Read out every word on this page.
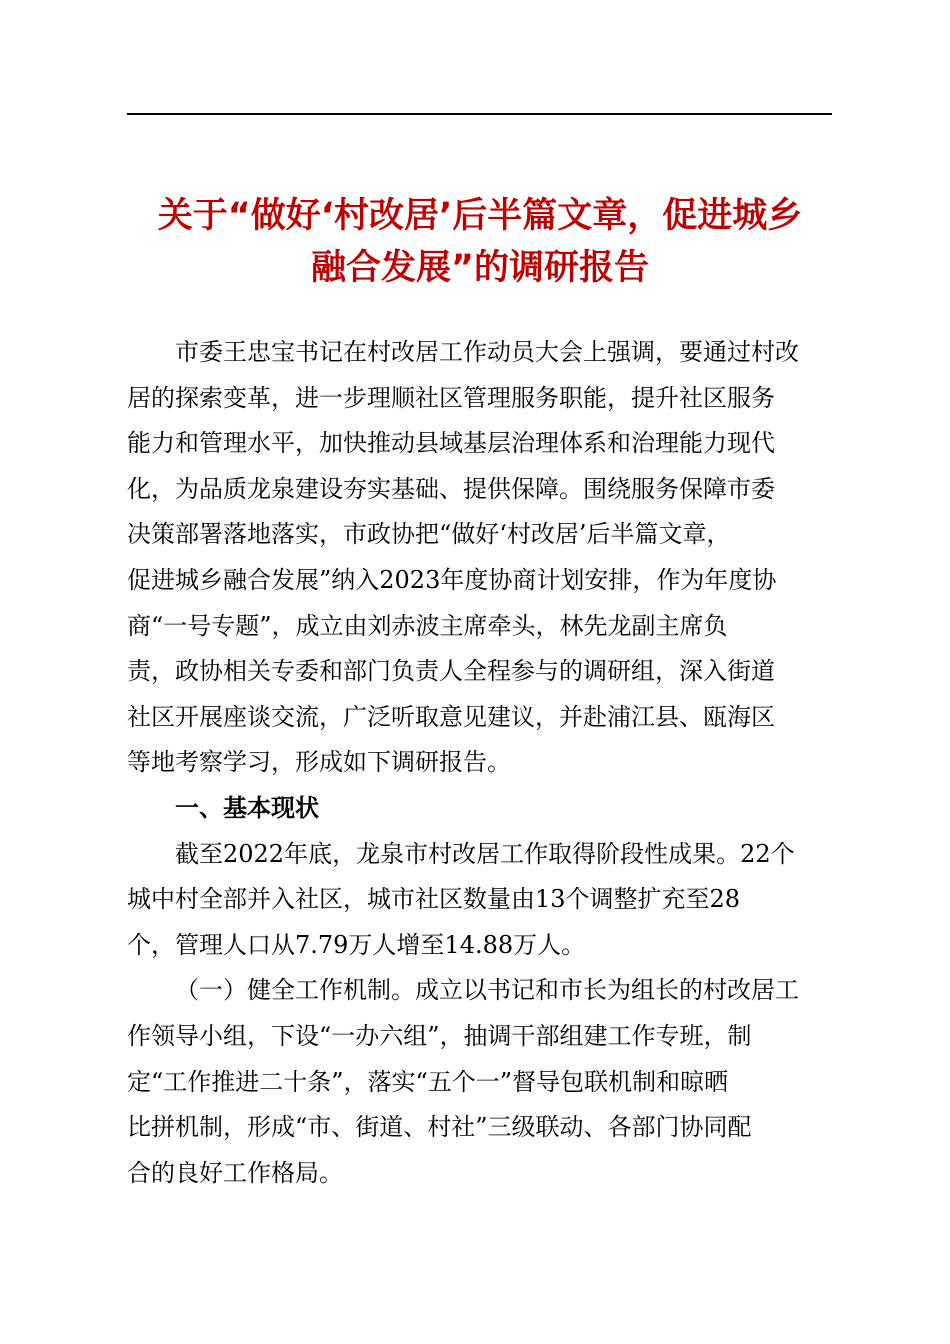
关于“做好‘村改居’后半篇文章，促进城乡
融合发展”的调研报告

市委王忠宝书记在村改居工作动员大会上强调，要通过村改
居的探索变革，进一步理顺社区管理服务职能，提升社区服务
能力和管理水平，加快推动县域基层治理体系和治理能力现代
化，为品质龙泉建设夯实基础、提供保障。围绕服务保障市委
决策部署落地落实，市政协把“做好‘村改居’后半篇文章，
促进城乡融合发展”纳入2023年度协商计划安排，作为年度协
商“一号专题”，成立由刘赤波主席牵头，林先龙副主席负
责，政协相关专委和部门负责人全程参与的调研组，深入街道
社区开展座谈交流，广泛听取意见建议，并赴浦江县、瓯海区
等地考察学习，形成如下调研报告。

一、基本现状

截至2022年底，龙泉市村改居工作取得阶段性成果。22个
城中村全部并入社区，城市社区数量由13个调整扩充至28
个，管理人口从7.79万人增至14.88万人。

（一）健全工作机制。成立以书记和市长为组长的村改居工
作领导小组，下设“一办六组”，抽调干部组建工作专班，制
定“工作推进二十条”，落实“五个一”督导包联机制和晾晒
比拼机制，形成“市、街道、村社”三级联动、各部门协同配
合的良好工作格局。
